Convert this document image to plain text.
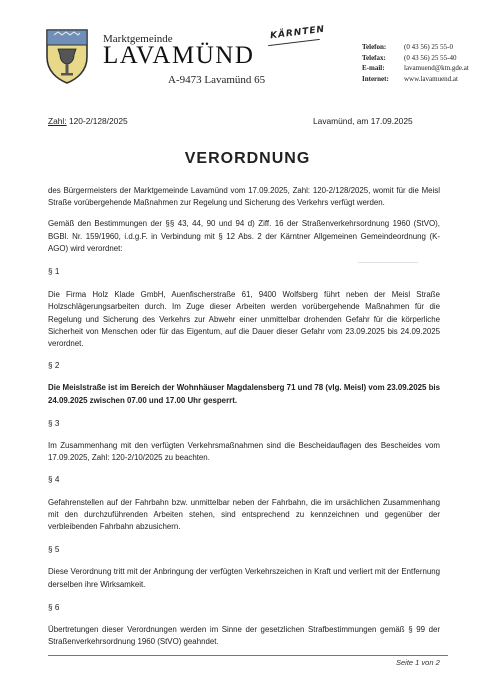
Marktgemeinde
LAVAMÜND
KÄRNTEN
A-9473 Lavamünd 65
Telefon:	(0 43 56) 25 55-0
Telefax:	(0 43 56) 25 55-40
E-mail:	lavamuend@ktn.gde.at
Internet: www.lavamuend.at
Zahl: 120-2/128/2025	Lavamünd, am 17.09.2025
VERORDNUNG

des Bürgermeisters der Marktgemeinde Lavamünd vom 17.09.2025, Zahl: 120-2/128/2025, womit für die Meisl Straße vorübergehende Maßnahmen zur Regelung und Sicherung des Verkehrs verfügt werden.

Gemäß den Bestimmungen der §§ 43, 44, 90 und 94 d) Ziff. 16 der Straßenverkehrsordnung 1960 (StVO), BGBl. Nr. 159/1960, i.d.g.F. in Verbindung mit § 12 Abs. 2 der Kärntner Allgemeinen Gemeindeordnung (K-AGO) wird verordnet:

§ 1

Die Firma Holz Klade GmbH, Auenfischerstraße 61, 9400 Wolfsberg führt neben der Meisl Straße Holzschlägerungsarbeiten durch. Im Zuge dieser Arbeiten werden vorübergehende Maßnahmen für die Regelung und Sicherung des Verkehrs zur Abwehr einer unmittelbar drohenden Gefahr für die körperliche Sicherheit von Menschen oder für das Eigentum, auf die Dauer dieser Gefahr vom 23.09.2025 bis 24.09.2025 verordnet.

§ 2

Die Meislstraße ist im Bereich der Wohnhäuser Magdalensberg 71 und 78 (vlg. Meisl) vom 23.09.2025 bis 24.09.2025 zwischen 07.00 und 17.00 Uhr gesperrt.

§ 3

Im Zusammenhang mit den verfügten Verkehrsmaßnahmen sind die Bescheidauflagen des Bescheides vom 17.09.2025, Zahl: 120-2/10/2025 zu beachten.

§ 4

Gefahrenstellen auf der Fahrbahn bzw. unmittelbar neben der Fahrbahn, die im ursächlichen Zusammenhang mit den durchzuführenden Arbeiten stehen, sind entsprechend zu kennzeichnen und gegenüber der verbleibenden Fahrbahn abzusichern.

§ 5

Diese Verordnung tritt mit der Anbringung der verfügten Verkehrszeichen in Kraft und verliert mit der Entfernung derselben ihre Wirksamkeit.

§ 6

Übertretungen dieser Verordnungen werden im Sinne der gesetzlichen Strafbestimmungen gemäß § 99 der Straßenverkehrsordnung 1960 (StVO) geahndet.

Seite 1 von 2
